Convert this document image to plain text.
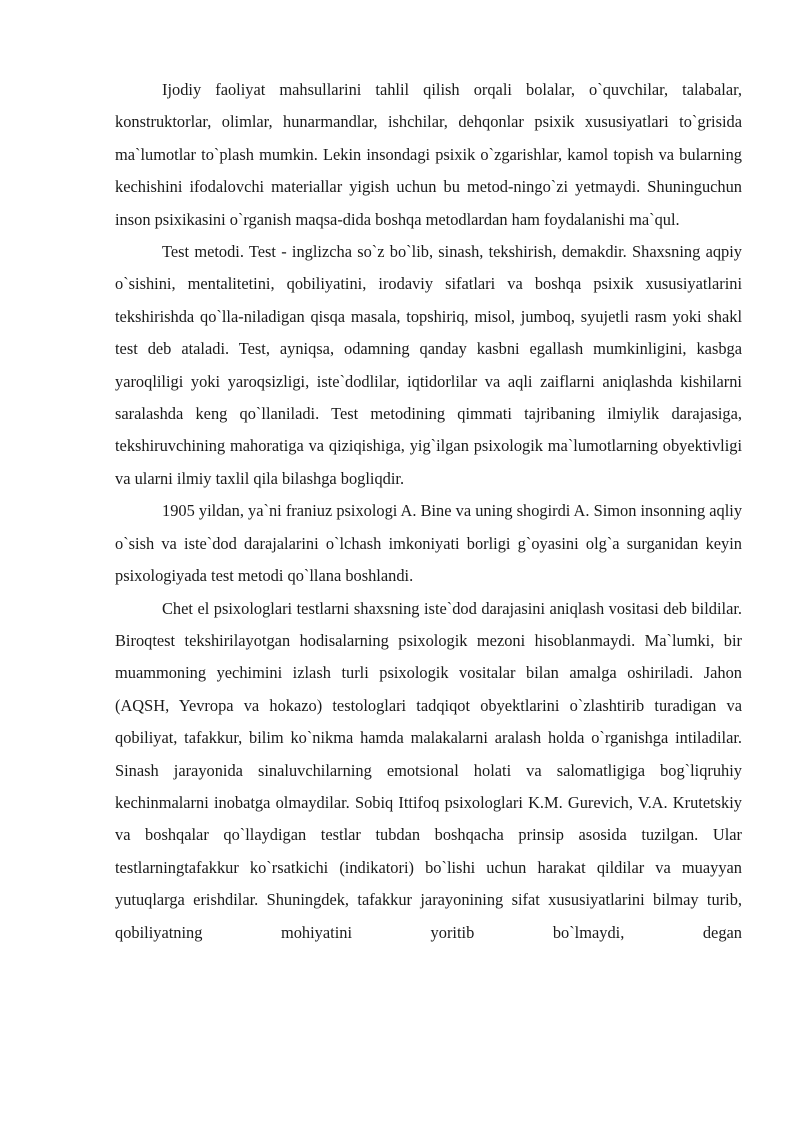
Ijodiy faoliyat mahsullarini tahlil qilish orqali bolalar, o`quvchilar, talabalar, konstruktorlar, olimlar, hunarmandlar, ishchilar, dehqonlar psixik xususiyatlari to`grisida ma`lumotlar to`plash mumkin. Lekin insondagi psixik o`zgarishlar, kamol topish va bularning kechishini ifodalovchi materiallar yigish uchun bu metod-ningo`zi yetmaydi. Shuninguchun inson psixikasini o`rganish maqsa-dida boshqa metodlardan ham foydalanishi ma`qul.

Test metodi. Test - inglizcha so`z bo`lib, sinash, tekshirish, demakdir. Shaxsning aqpiy o`sishini, mentalitetini, qobiliyatini, irodaviy sifatlari va boshqa psixik xususiyatlarini tekshirishda qo`lla-niladigan qisqa masala, topshiriq, misol, jumboq, syujetli rasm yoki shakl test deb ataladi. Test, ayniqsa, odamning qanday kasbni egallash mumkinligini, kasbga yaroqliligi yoki yaroqsizligi, iste`dodlilar, iqtidorlilar va aqli zaiflarni aniqlashda kishilarni saralashda keng qo`llaniladi. Test metodining qimmati tajribaning ilmiylik darajasiga, tekshiruvchining mahoratiga va qiziqishiga, yig`ilgan psixologik ma`lumotlarning obyektivligi va ularni ilmiy taxlil qila bilashga bogliqdir.

1905 yildan, ya`ni franiuz psixologi A. Bine va uning shogirdi A. Simon insonning aqliy o`sish va iste`dod darajalarini o`lchash imkoniyati borligi g`oyasini olg`a surganidan keyin psixologiyada test metodi qo`llana boshlandi.

Chet el psixologlari testlarni shaxsning iste`dod darajasini aniqlash vositasi deb bildilar. Biroqtest tekshirilayotgan hodisalarning psixologik mezoni hisoblanmaydi. Ma`lumki, bir muammoning yechimini izlash turli psixologik vositalar bilan amalga oshiriladi. Jahon (AQSH, Yevropa va hokazo) testologlari tadqiqot obyektlarini o`zlashtirib turadigan va qobiliyat, tafakkur, bilim ko`nikma hamda malakalarni aralash holda o`rganishga intiladilar. Sinash jarayonida sinaluvchilarning emotsional holati va salomatligiga bog`liqruhiy kechinmalarni inobatga olmaydilar. Sobiq Ittifoq psixologlari K.M. Gurevich, V.A. Krutetskiy va boshqalar qo`llaydigan testlar tubdan boshqacha prinsip asosida tuzilgan. Ular testlarningtafakkur ko`rsatkichi (indikatori) bo`lishi uchun harakat qildilar va muayyan yutuqlarga erishdilar. Shuningdek, tafakkur jarayonining sifat xususiyatlarini bilmay turib, qobiliyatning mohiyatini yoritib bo`lmaydi, degan
